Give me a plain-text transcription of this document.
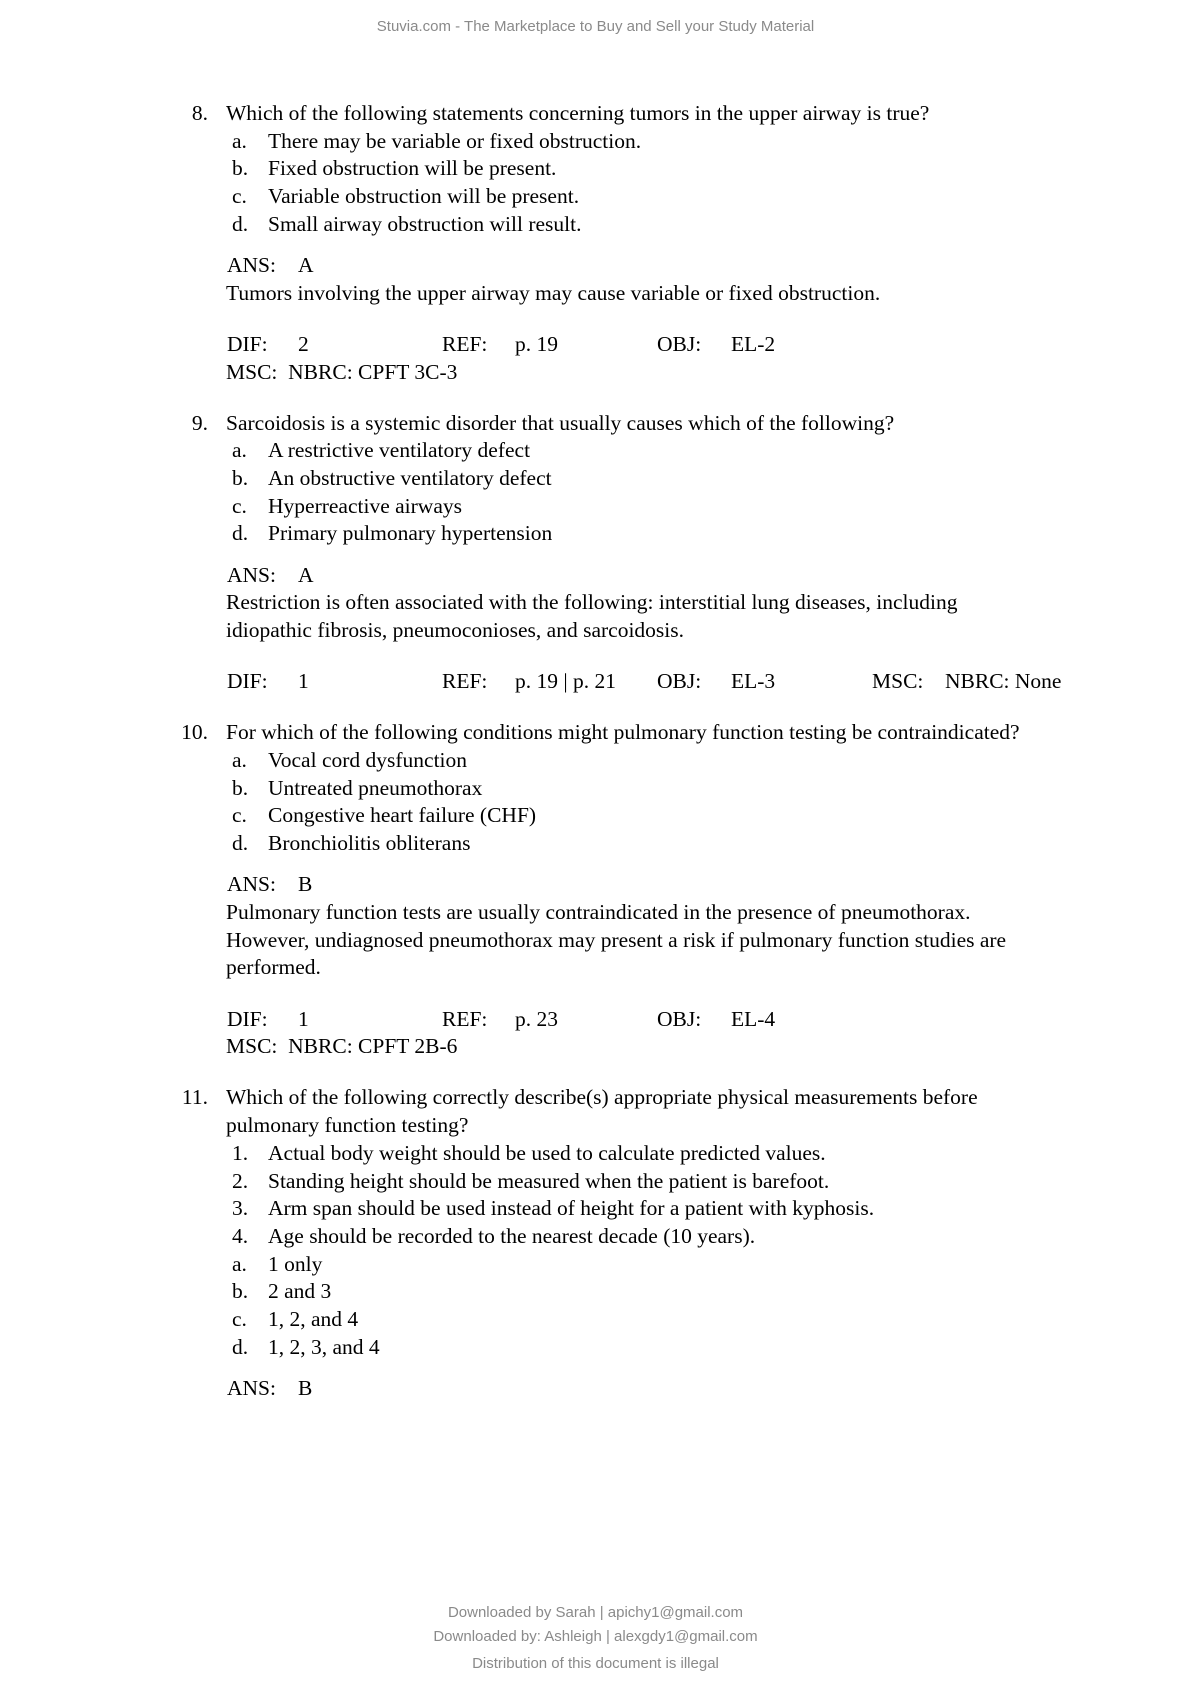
Stuvia.com - The Marketplace to Buy and Sell your Study Material
8. Which of the following statements concerning tumors in the upper airway is true?
a. There may be variable or fixed obstruction.
b. Fixed obstruction will be present.
c. Variable obstruction will be present.
d. Small airway obstruction will result.
ANS: A
Tumors involving the upper airway may cause variable or fixed obstruction.
DIF: 2	REF: p. 19	OBJ: EL-2
MSC: NBRC: CPFT 3C-3
9. Sarcoidosis is a systemic disorder that usually causes which of the following?
a. A restrictive ventilatory defect
b. An obstructive ventilatory defect
c. Hyperreactive airways
d. Primary pulmonary hypertension
ANS: A
Restriction is often associated with the following: interstitial lung diseases, including
idiopathic fibrosis, pneumoconioses, and sarcoidosis.
DIF: 1	REF: p. 19 | p. 21 OBJ: EL-3	MSC: NBRC: None
10. For which of the following conditions might pulmonary function testing be contraindicated?
a. Vocal cord dysfunction
b. Untreated pneumothorax
c. Congestive heart failure (CHF)
d. Bronchiolitis obliterans
ANS: B
Pulmonary function tests are usually contraindicated in the presence of pneumothorax.
However, undiagnosed pneumothorax may present a risk if pulmonary function studies are
performed.
DIF: 1	REF: p. 23	OBJ: EL-4
MSC: NBRC: CPFT 2B-6
11. Which of the following correctly describe(s) appropriate physical measurements before
pulmonary function testing?
1. Actual body weight should be used to calculate predicted values.
2. Standing height should be measured when the patient is barefoot.
3. Arm span should be used instead of height for a patient with kyphosis.
4. Age should be recorded to the nearest decade (10 years).
a. 1 only
b. 2 and 3
c. 1, 2, and 4
d. 1, 2, 3, and 4
ANS: B
Downloaded by Sarah | apichy1@gmail.com
Downloaded by: Ashleigh | alexgdy1@gmail.com
Distribution of this document is illegal
